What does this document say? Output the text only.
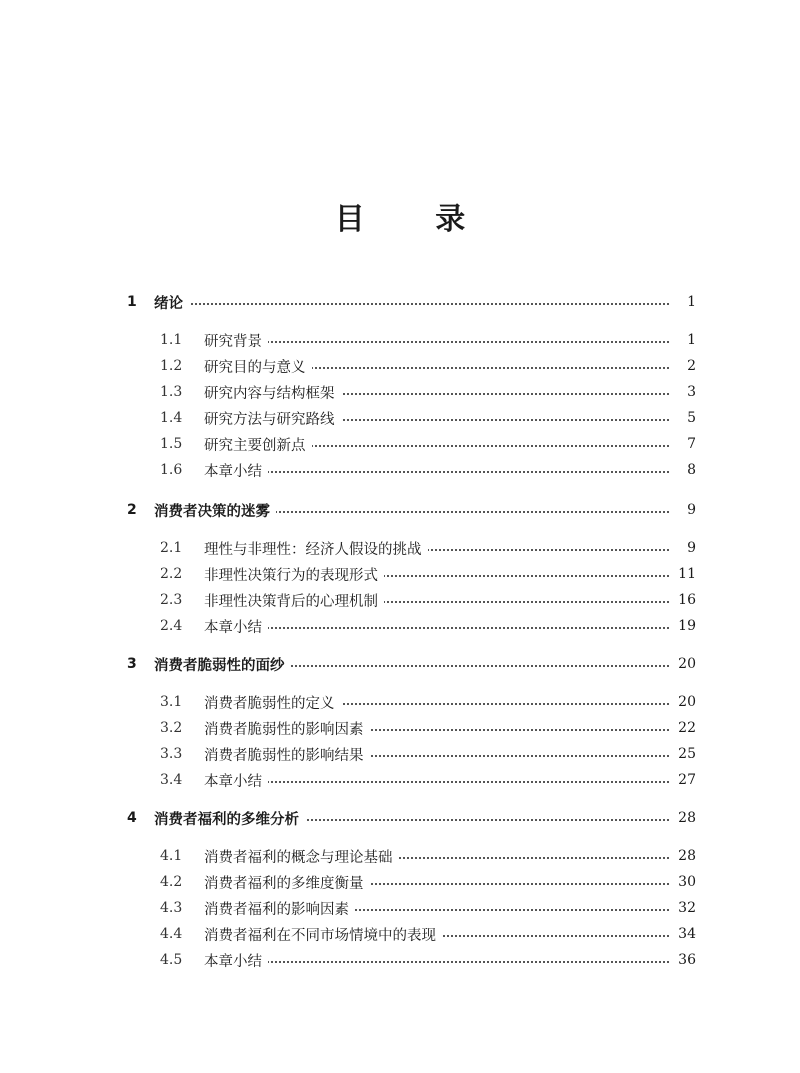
目 录
1	绪论	1
1.1	研究背景	1
1.2	研究目的与意义	2
1.3	研究内容与结构框架	3
1.4	研究方法与研究路线	5
1.5	研究主要创新点	7
1.6	本章小结	8
2	消费者决策的迷雾	9
2.1	理性与非理性：经济人假设的挑战	9
2.2	非理性决策行为的表现形式	11
2.3	非理性决策背后的心理机制	16
2.4	本章小结	19
3	消费者脆弱性的面纱	20
3.1	消费者脆弱性的定义	20
3.2	消费者脆弱性的影响因素	22
3.3	消费者脆弱性的影响结果	25
3.4	本章小结	27
4	消费者福利的多维分析	28
4.1	消费者福利的概念与理论基础	28
4.2	消费者福利的多维度衡量	30
4.3	消费者福利的影响因素	32
4.4	消费者福利在不同市场情境中的表现	34
4.5	本章小结	36
